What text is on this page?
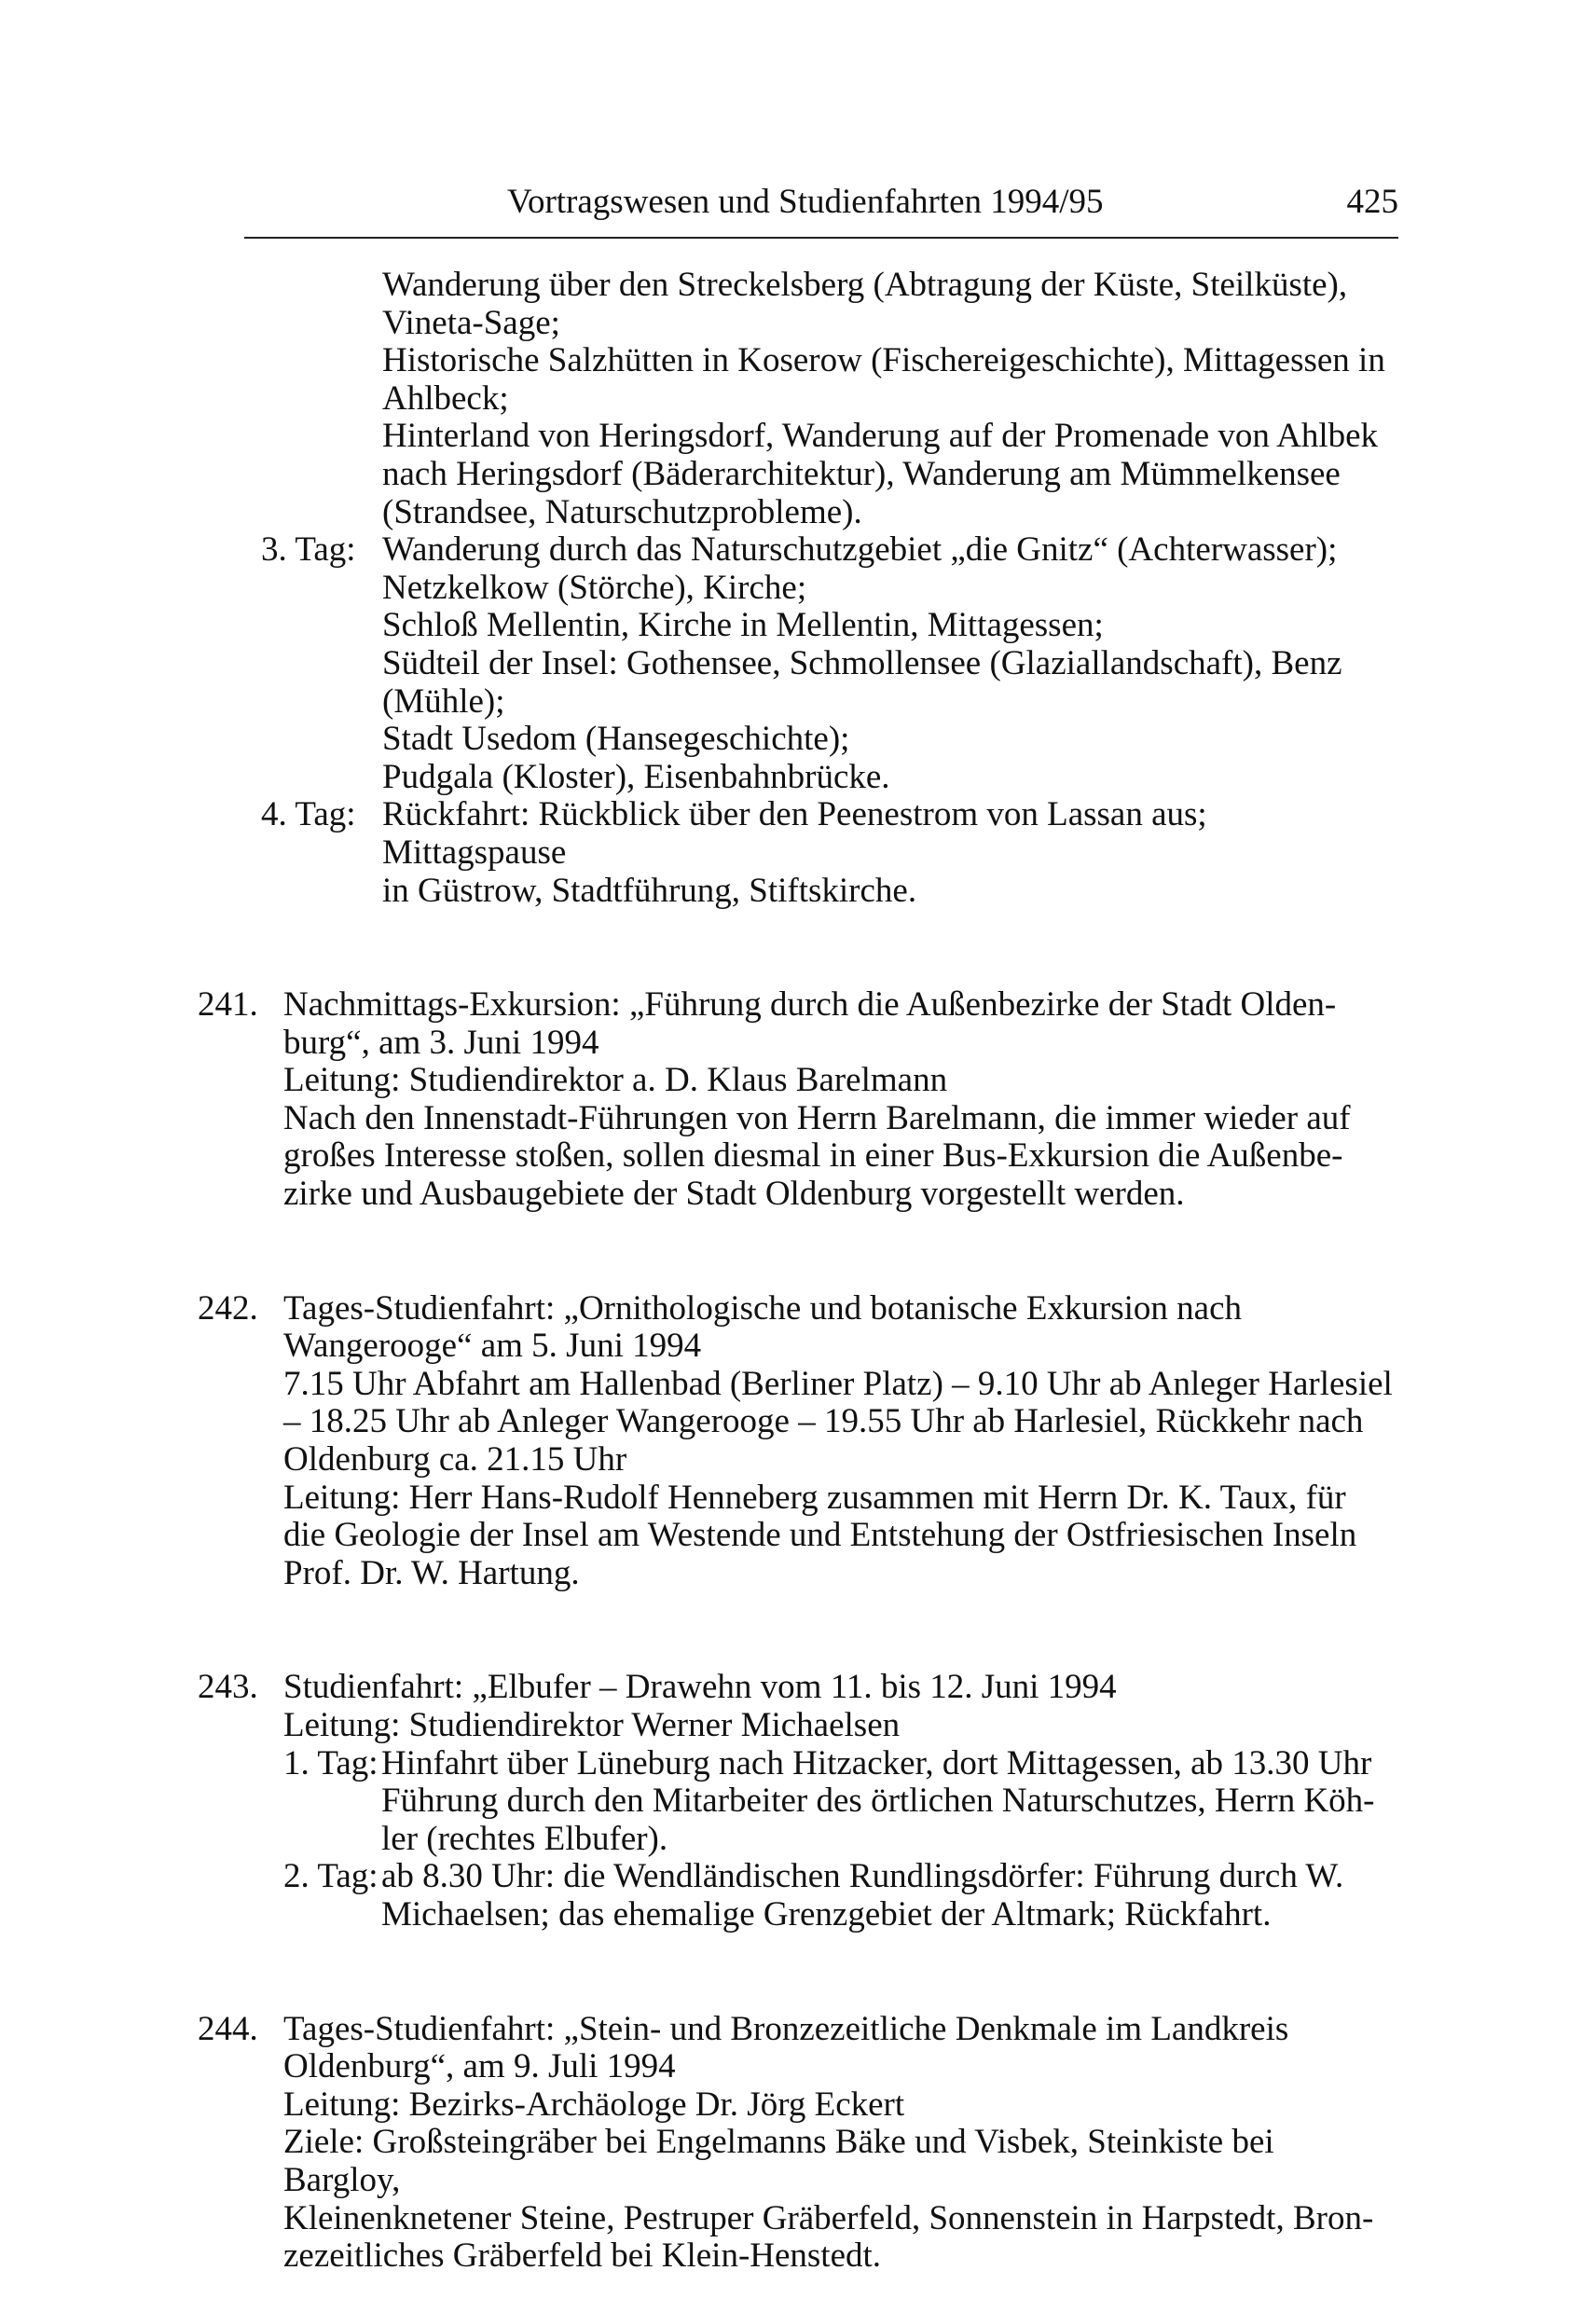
Vortragswesen und Studienfahrten 1994/95	425
Wanderung über den Streckelsberg (Abtragung der Küste, Steilküste),
Vineta-Sage;
Historische Salzhütten in Koserow (Fischereigeschichte), Mittagessen in
Ahlbeck;
Hinterland von Heringsdorf, Wanderung auf der Promenade von Ahlbek
nach Heringsdorf (Bäderarchitektur), Wanderung am Mümmelkensee
(Strandsee, Naturschutzprobleme).
3. Tag: Wanderung durch das Naturschutzgebiet „die Gnitz“ (Achterwasser);
Netzkelkow (Störche), Kirche;
Schloß Mellentin, Kirche in Mellentin, Mittagessen;
Südteil der Insel: Gothensee, Schmollensee (Glaziallandschaft), Benz
(Mühle);
Stadt Usedom (Hansegeschichte);
Pudgala (Kloster), Eisenbahnbrücke.
4. Tag: Rückfahrt: Rückblick über den Peenestrom von Lassan aus; Mittagspause
in Güstrow, Stadtführung, Stiftskirche.
241. Nachmittags-Exkursion: „Führung durch die Außenbezirke der Stadt Olden-
burg“, am 3. Juni 1994
Leitung: Studiendirektor a. D. Klaus Barelmann
Nach den Innenstadt-Führungen von Herrn Barelmann, die immer wieder auf
großes Interesse stoßen, sollen diesmal in einer Bus-Exkursion die Außenbe-
zirke und Ausbaugebiete der Stadt Oldenburg vorgestellt werden.
242. Tages-Studienfahrt: „Ornithologische und botanische Exkursion nach
Wangerooge“ am 5. Juni 1994
7.15 Uhr Abfahrt am Hallenbad (Berliner Platz) – 9.10 Uhr ab Anleger Harlesiel
– 18.25 Uhr ab Anleger Wangerooge – 19.55 Uhr ab Harlesiel, Rückkehr nach
Oldenburg ca. 21.15 Uhr
Leitung: Herr Hans-Rudolf Henneberg zusammen mit Herrn Dr. K. Taux, für
die Geologie der Insel am Westende und Entstehung der Ostfriesischen Inseln
Prof. Dr. W. Hartung.
243. Studienfahrt: „Elbufer – Drawehn vom 11. bis 12. Juni 1994
Leitung: Studiendirektor Werner Michaelsen
1. Tag: Hinfahrt über Lüneburg nach Hitzacker, dort Mittagessen, ab 13.30 Uhr
Führung durch den Mitarbeiter des örtlichen Naturschutzes, Herrn Köh-
ler (rechtes Elbufer).
2. Tag: ab 8.30 Uhr: die Wendländischen Rundlingsdörfer: Führung durch W.
Michaelsen; das ehemalige Grenzgebiet der Altmark; Rückfahrt.
244. Tages-Studienfahrt: „Stein- und Bronzezeitliche Denkmale im Landkreis
Oldenburg“, am 9. Juli 1994
Leitung: Bezirks-Archäologe Dr. Jörg Eckert
Ziele: Großsteingräber bei Engelmanns Bäke und Visbek, Steinkiste bei Bargloy,
Kleinenknetener Steine, Pestruper Gräberfeld, Sonnenstein in Harpstedt, Bron-
zezeitliches Gräberfeld bei Klein-Henstedt.
